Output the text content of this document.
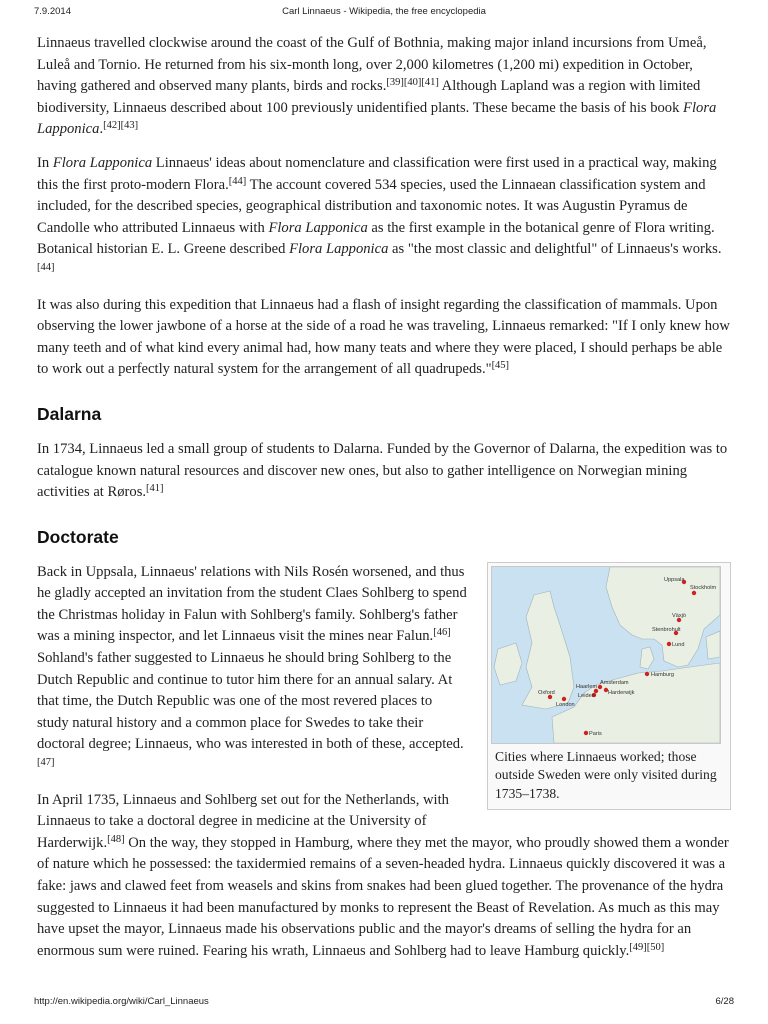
7.9.2014	Carl Linnaeus - Wikipedia, the free encyclopedia

Linnaeus travelled clockwise around the coast of the Gulf of Bothnia, making major inland incursions from Umeå, Luleå and Tornio. He returned from his six-month long, over 2,000 kilometres (1,200 mi) expedition in October, having gathered and observed many plants, birds and rocks.[39][40][41] Although Lapland was a region with limited biodiversity, Linnaeus described about 100 previously unidentified plants. These became the basis of his book Flora Lapponica.[42][43]

In Flora Lapponica Linnaeus' ideas about nomenclature and classification were first used in a practical way, making this the first proto-modern Flora.[44] The account covered 534 species, used the Linnaean classification system and included, for the described species, geographical distribution and taxonomic notes. It was Augustin Pyramus de Candolle who attributed Linnaeus with Flora Lapponica as the first example in the botanical genre of Flora writing. Botanical historian E. L. Greene described Flora Lapponica as "the most classic and delightful" of Linnaeus's works.[44]

It was also during this expedition that Linnaeus had a flash of insight regarding the classification of mammals. Upon observing the lower jawbone of a horse at the side of a road he was traveling, Linnaeus remarked: "If I only knew how many teeth and of what kind every animal had, how many teats and where they were placed, I should perhaps be able to work out a perfectly natural system for the arrangement of all quadrupeds."[45]

Dalarna

In 1734, Linnaeus led a small group of students to Dalarna. Funded by the Governor of Dalarna, the expedition was to catalogue known natural resources and discover new ones, but also to gather intelligence on Norwegian mining activities at Røros.[41]

Doctorate
Uppsala
Stockholm
Växjö
Stenbrohult
Lund
Hamburg
Amsterdam
Harderwijk
Haarlem
Leiden
Oxford
London
Paris
Cities where Linnaeus worked; those outside Sweden were only visited during 1735–1738.

Back in Uppsala, Linnaeus' relations with Nils Rosén worsened, and thus he gladly accepted an invitation from the student Claes Sohlberg to spend the Christmas holiday in Falun with Sohlberg's family. Sohlberg's father was a mining inspector, and let Linnaeus visit the mines near Falun.[46] Sohland's father suggested to Linnaeus he should bring Sohlberg to the Dutch Republic and continue to tutor him there for an annual salary. At that time, the Dutch Republic was one of the most revered places to study natural history and a common place for Swedes to take their doctoral degree; Linnaeus, who was interested in both of these, accepted.[47]

In April 1735, Linnaeus and Sohlberg set out for the Netherlands, with Linnaeus to take a doctoral degree in medicine at the University of Harderwijk.[48] On the way, they stopped in Hamburg, where they met the mayor, who proudly showed them a wonder of nature which he possessed: the taxidermied remains of a seven-headed hydra. Linnaeus quickly discovered it was a fake: jaws and clawed feet from weasels and skins from snakes had been glued together. The provenance of the hydra suggested to Linnaeus it had been manufactured by monks to represent the Beast of Revelation. As much as this may have upset the mayor, Linnaeus made his observations public and the mayor's dreams of selling the hydra for an enormous sum were ruined. Fearing his wrath, Linnaeus and Sohlberg had to leave Hamburg quickly.[49][50]

http://en.wikipedia.org/wiki/Carl_Linnaeus	6/28
